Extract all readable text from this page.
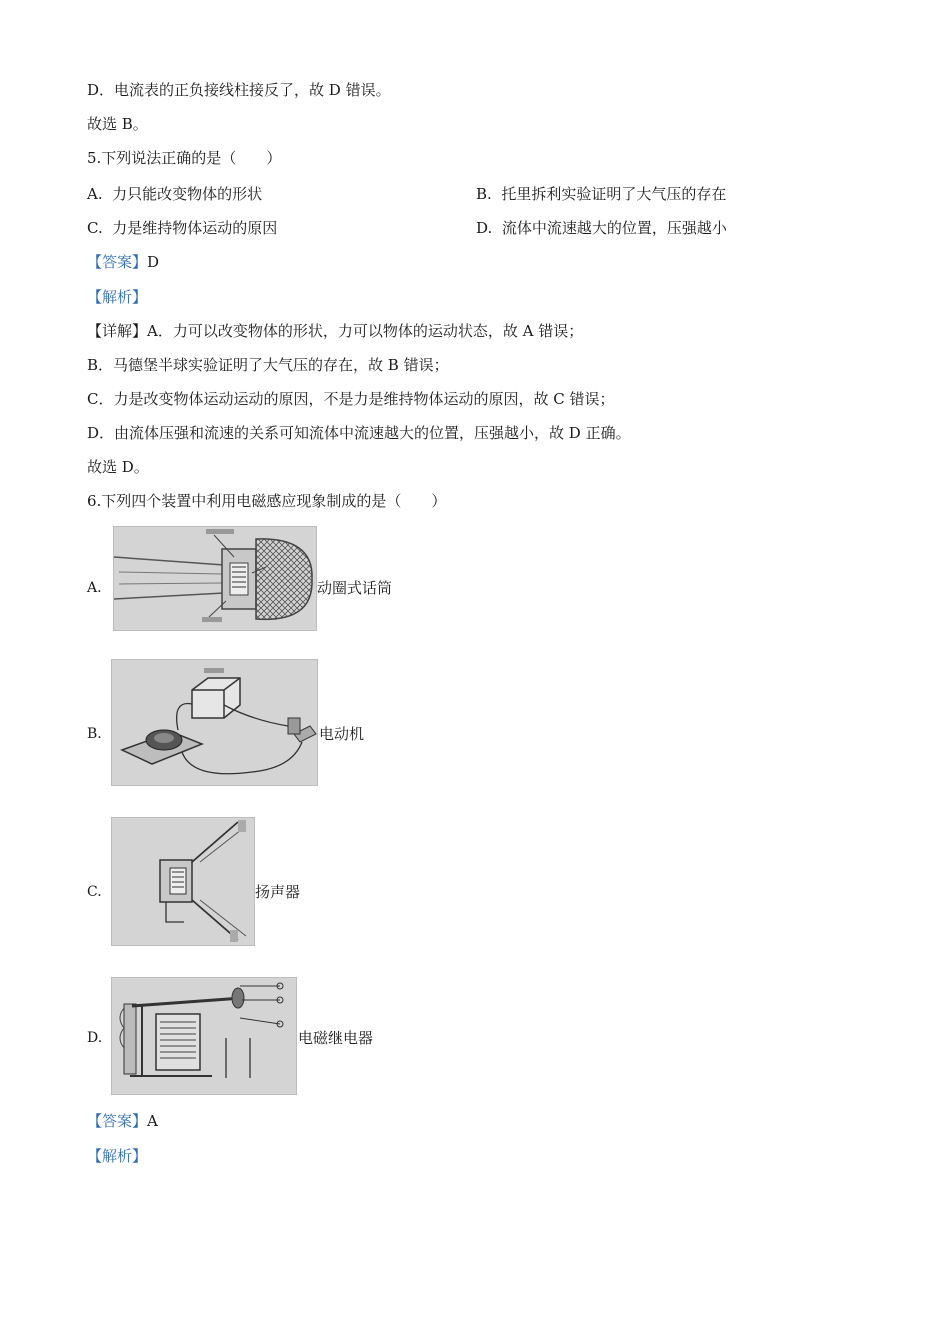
D．电流表的正负接线柱接反了，故 D 错误。
故选 B。
5.下列说法正确的是（　　）
A. 力只能改变物体的形状	B. 托里拆利实验证明了大气压的存在
C. 力是维持物体运动的原因	D. 流体中流速越大的位置，压强越小
【答案】D
【解析】
【详解】A．力可以改变物体的形状，力可以物体的运动状态，故 A 错误；
B．马德堡半球实验证明了大气压的存在，故 B 错误；
C．力是改变物体运动运动的原因，不是力是维持物体运动的原因，故 C 错误；
D．由流体压强和流速的关系可知流体中流速越大的位置，压强越小，故 D 正确。
故选 D。
6.下列四个装置中利用电磁感应现象制成的是（　　）
A.	动圈式话筒
B.	电动机
C.	扬声器
D.	电磁继电器
【答案】A
【解析】
